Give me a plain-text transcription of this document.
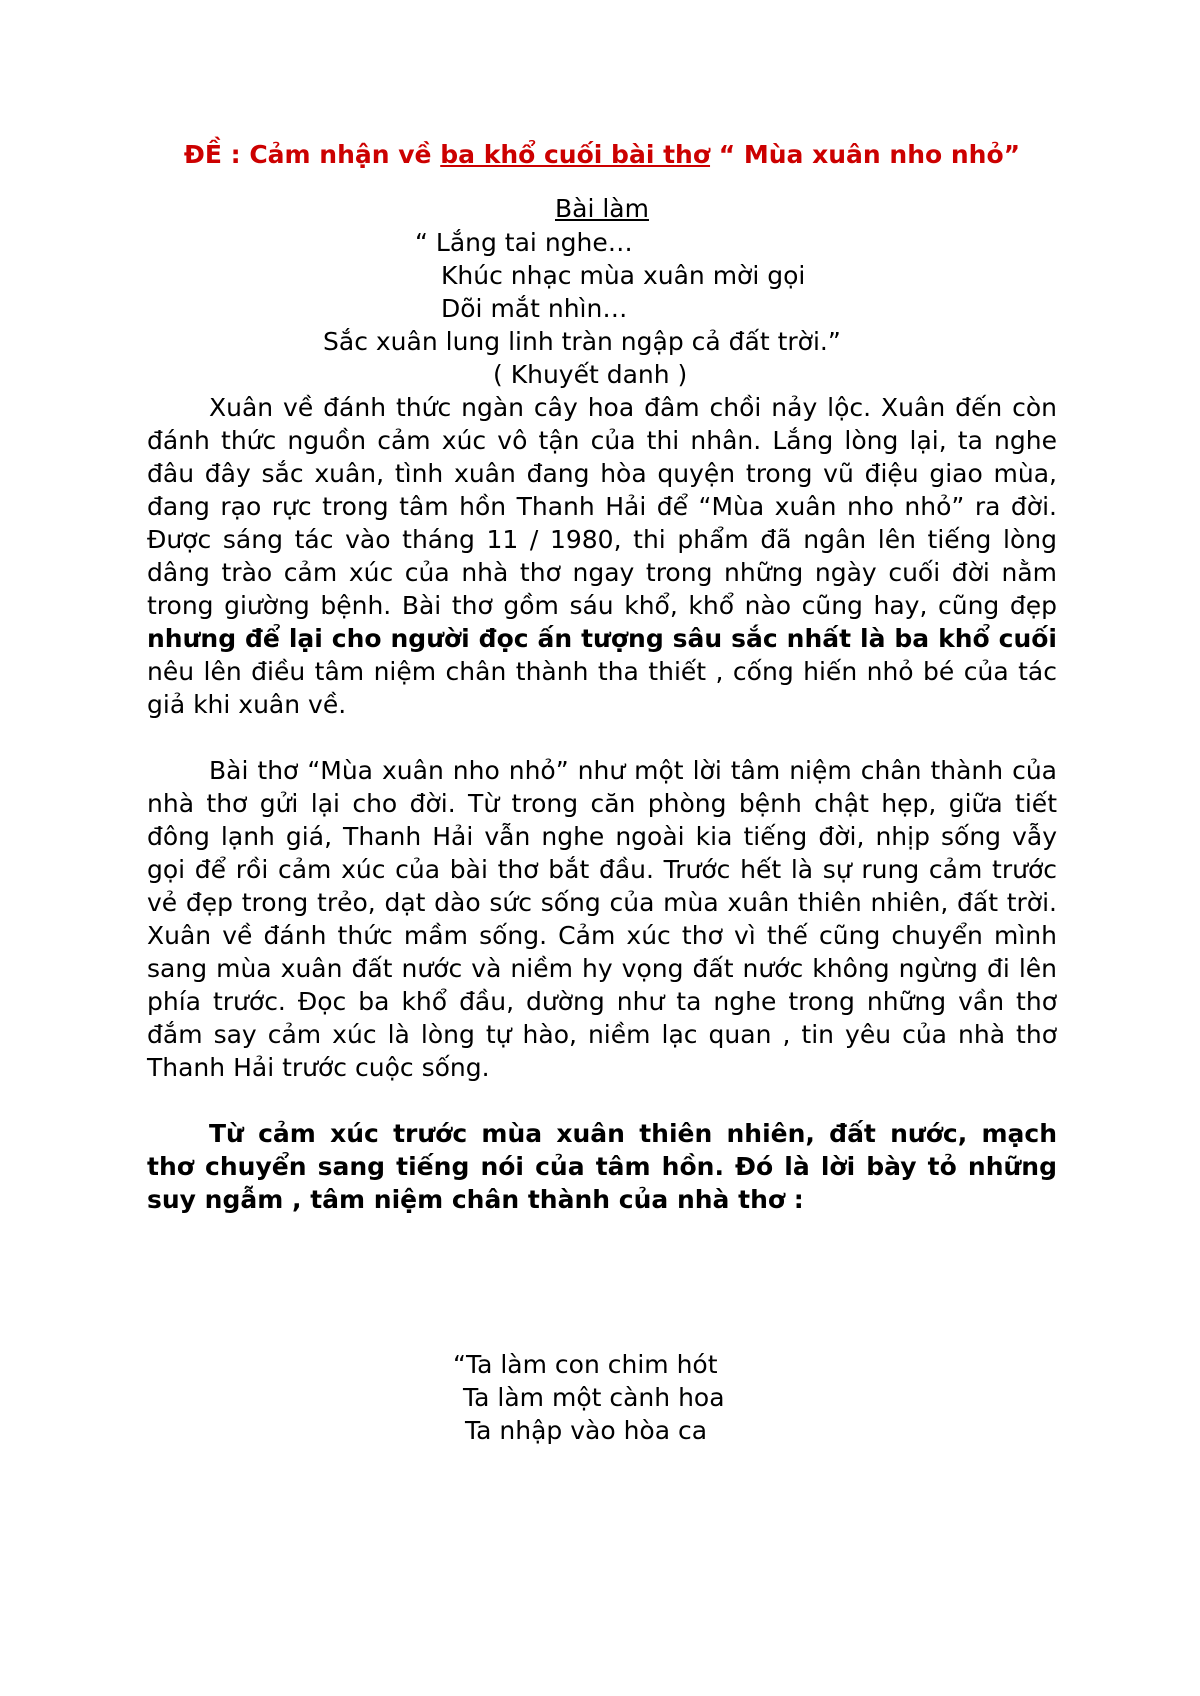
ĐỀ : Cảm nhận về ba khổ cuối bài thơ “ Mùa xuân nho nhỏ”

Bài làm

“ Lắng tai nghe…
Khúc nhạc mùa xuân mời gọi
Dõi mắt nhìn…
Sắc xuân lung linh tràn ngập cả đất trời.”
( Khuyết danh )

Xuân về đánh thức ngàn cây hoa đâm chồi nảy lộc. Xuân đến còn đánh thức nguồn cảm xúc vô tận của thi nhân. Lắng lòng lại, ta nghe đâu đây sắc xuân, tình xuân đang hòa quyện trong vũ điệu giao mùa, đang rạo rực trong tâm hồn Thanh Hải để “Mùa xuân nho nhỏ” ra đời. Được sáng tác vào tháng 11 / 1980, thi phẩm đã ngân lên tiếng lòng dâng trào cảm xúc của nhà thơ ngay trong những ngày cuối đời nằm trong giường bệnh. Bài thơ gồm sáu khổ, khổ nào cũng hay, cũng đẹp nhưng để lại cho người đọc ấn tượng sâu sắc nhất là ba khổ cuối nêu lên điều tâm niệm chân thành tha thiết , cống hiến nhỏ bé của tác giả khi xuân về.

Bài thơ “Mùa xuân nho nhỏ” như một lời tâm niệm chân thành của nhà thơ gửi lại cho đời. Từ trong căn phòng bệnh chật hẹp, giữa tiết đông lạnh giá, Thanh Hải vẫn nghe ngoài kia tiếng đời, nhịp sống vẫy gọi để rồi cảm xúc của bài thơ bắt đầu. Trước hết là sự rung cảm trước vẻ đẹp trong trẻo, dạt dào sức sống của mùa xuân thiên nhiên, đất trời. Xuân về đánh thức mầm sống. Cảm xúc thơ vì thế cũng chuyển mình sang mùa xuân đất nước và niềm hy vọng đất nước không ngừng đi lên phía trước. Đọc ba khổ đầu, dường như ta nghe trong những vần thơ đắm say cảm xúc là lòng tự hào, niềm lạc quan , tin yêu của nhà thơ Thanh Hải trước cuộc sống.

Từ cảm xúc trước mùa xuân thiên nhiên, đất nước, mạch thơ chuyển sang tiếng nói của tâm hồn. Đó là lời bày tỏ những suy ngẫm , tâm niệm chân thành của nhà thơ :

“Ta làm con chim hót
Ta làm một cành hoa
Ta nhập vào hòa ca
